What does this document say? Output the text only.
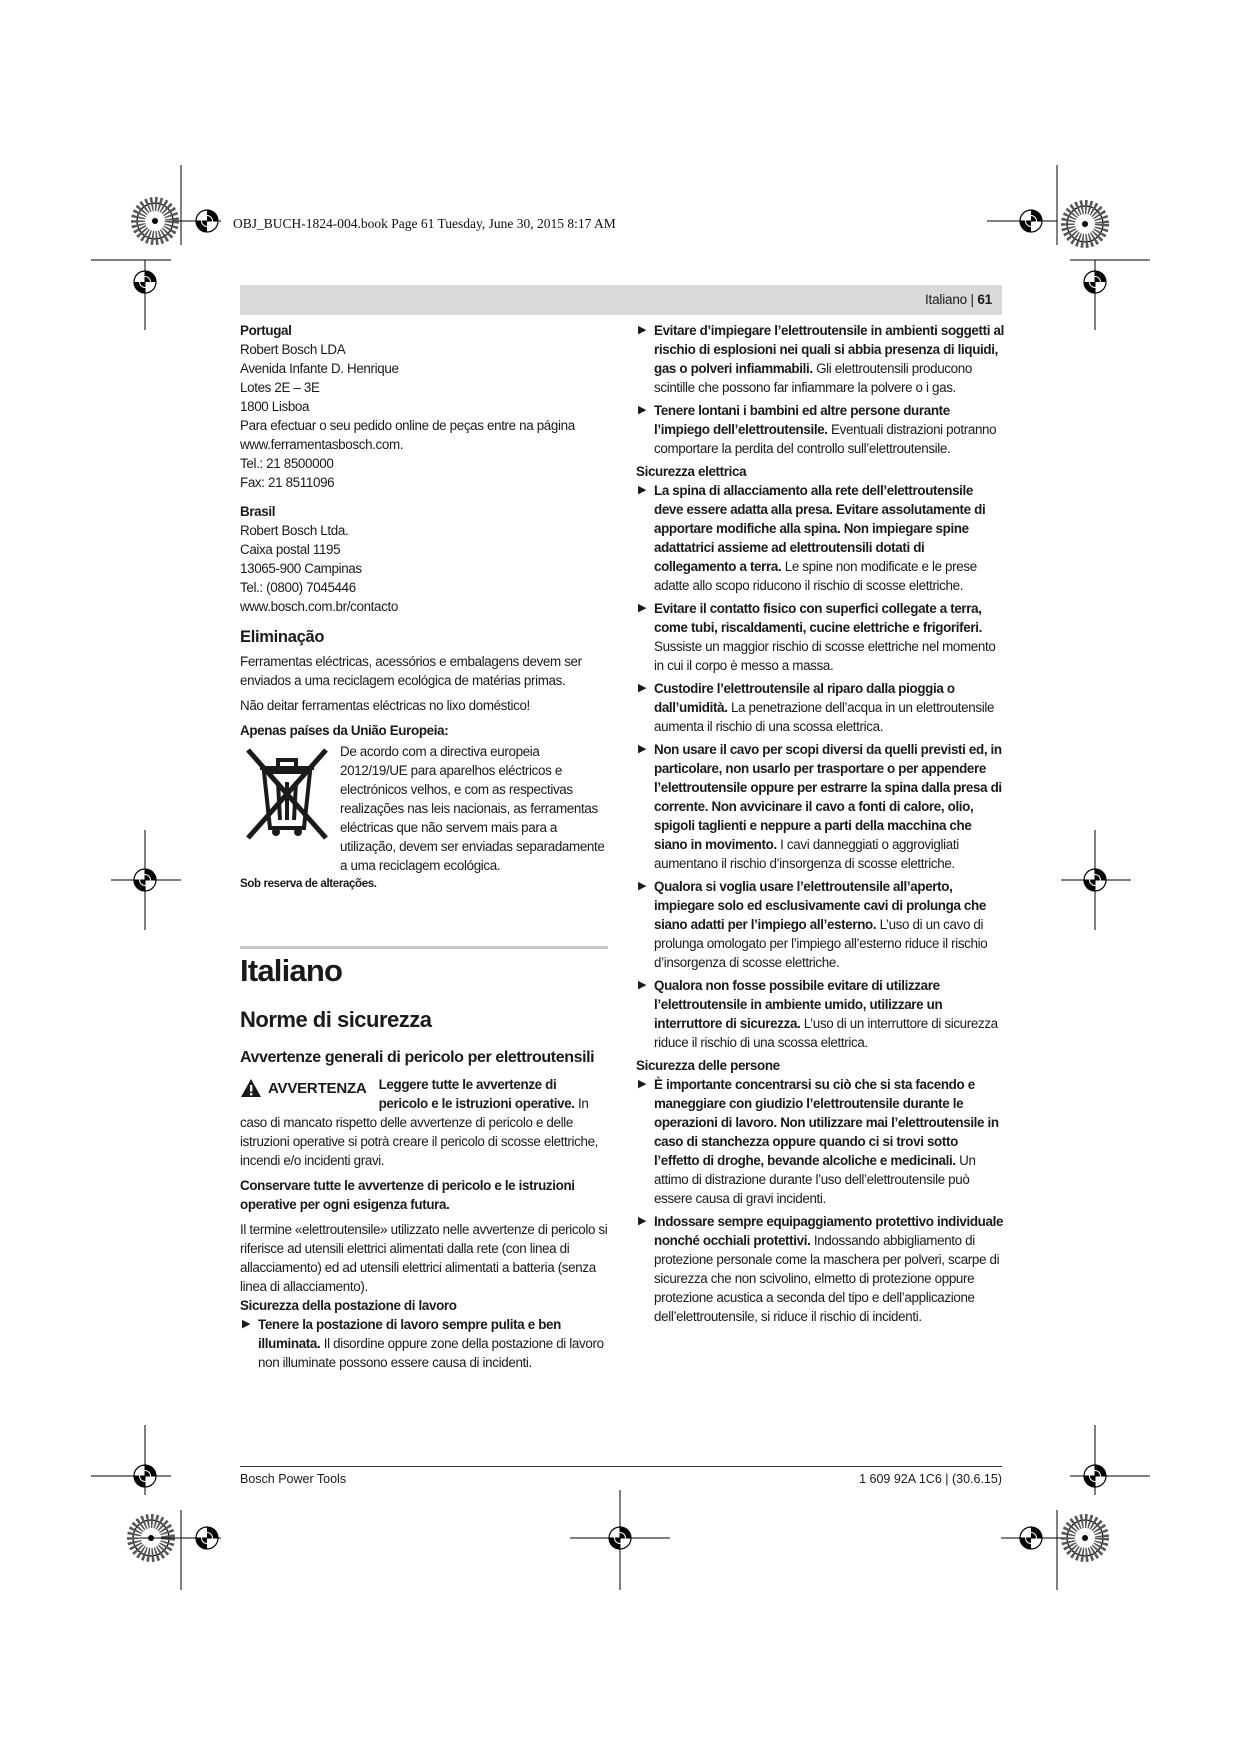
OBJ_BUCH-1824-004.book Page 61 Tuesday, June 30, 2015 8:17 AM
Italiano | 61

Portugal

Robert Bosch LDA

Avenida Infante D. Henrique

Lotes 2E – 3E

1800 Lisboa

Para efectuar o seu pedido online de peças entre na página

www.ferramentasbosch.com.

Tel.: 21 8500000

Fax: 21 8511096

Brasil

Robert Bosch Ltda.

Caixa postal 1195

13065-900 Campinas

Tel.: (0800) 7045446

www.bosch.com.br/contacto

Eliminação

Ferramentas eléctricas, acessórios e embalagens devem ser enviados a uma reciclagem ecológica de matérias primas.

Não deitar ferramentas eléctricas no lixo doméstico!

Apenas países da União Europeia:

De acordo com a directiva europeia 2012/19/UE para aparelhos eléctricos e electrónicos velhos, e com as respectivas realizações nas leis nacionais, as ferramentas eléctricas que não servem mais para a utilização, devem ser enviadas separadamente a uma reciclagem ecológica.

Sob reserva de alterações.

Italiano
Norme di sicurezza
Avvertenze generali di pericolo per elettroutensili
AVVERTENZA Leggere tutte le avvertenze di pericolo e le istruzioni operative. In caso di mancato rispetto delle avvertenze di pericolo e delle istruzioni operative si potrà creare il pericolo di scosse elettriche, incendi e/o incidenti gravi.

Conservare tutte le avvertenze di pericolo e le istruzioni operative per ogni esigenza futura.

Il termine «elettroutensile» utilizzato nelle avvertenze di pericolo si riferisce ad utensili elettrici alimentati dalla rete (con linea di allacciamento) ed ad utensili elettrici alimentati a batteria (senza linea di allacciamento).

Sicurezza della postazione di lavoro

▶ Tenere la postazione di lavoro sempre pulita e ben illuminata. Il disordine oppure zone della postazione di lavoro non illuminate possono essere causa di incidenti.
▶ Evitare d’impiegare l’elettroutensile in ambienti soggetti al rischio di esplosioni nei quali si abbia presenza di liquidi, gas o polveri infiammabili. Gli elettroutensili producono scintille che possono far infiammare la polvere o i gas.
▶ Tenere lontani i bambini ed altre persone durante l’impiego dell’elettroutensile. Eventuali distrazioni potranno comportare la perdita del controllo sull’elettroutensile.

Sicurezza elettrica

▶ La spina di allacciamento alla rete dell’elettroutensile deve essere adatta alla presa. Evitare assolutamente di apportare modifiche alla spina. Non impiegare spine adattatrici assieme ad elettroutensili dotati di collegamento a terra. Le spine non modificate e le prese adatte allo scopo riducono il rischio di scosse elettriche.
▶ Evitare il contatto fisico con superfici collegate a terra, come tubi, riscaldamenti, cucine elettriche e frigoriferi. Sussiste un maggior rischio di scosse elettriche nel momento in cui il corpo è messo a massa.
▶ Custodire l’elettroutensile al riparo dalla pioggia o dall’umidità. La penetrazione dell’acqua in un elettroutensile aumenta il rischio di una scossa elettrica.
▶ Non usare il cavo per scopi diversi da quelli previsti ed, in particolare, non usarlo per trasportare o per appendere l’elettroutensile oppure per estrarre la spina dalla presa di corrente. Non avvicinare il cavo a fonti di calore, olio, spigoli taglienti e neppure a parti della macchina che siano in movimento. I cavi danneggiati o aggrovigliati aumentano il rischio d’insorgenza di scosse elettriche.
▶ Qualora si voglia usare l’elettroutensile all’aperto, impiegare solo ed esclusivamente cavi di prolunga che siano adatti per l’impiego all’esterno. L’uso di un cavo di prolunga omologato per l’impiego all’esterno riduce il rischio d’insorgenza di scosse elettriche.
▶ Qualora non fosse possibile evitare di utilizzare l’elettroutensile in ambiente umido, utilizzare un interruttore di sicurezza. L’uso di un interruttore di sicurezza riduce il rischio di una scossa elettrica.

Sicurezza delle persone

▶ È importante concentrarsi su ciò che si sta facendo e maneggiare con giudizio l’elettroutensile durante le operazioni di lavoro. Non utilizzare mai l’elettroutensile in caso di stanchezza oppure quando ci si trovi sotto l’effetto di droghe, bevande alcoliche e medicinali. Un attimo di distrazione durante l’uso dell’elettroutensile può essere causa di gravi incidenti.
▶ Indossare sempre equipaggiamento protettivo individuale nonché occhiali protettivi. Indossando abbigliamento di protezione personale come la maschera per polveri, scarpe di sicurezza che non scivolino, elmetto di protezione oppure protezione acustica a seconda del tipo e dell’applicazione dell’elettroutensile, si riduce il rischio di incidenti.
Bosch Power Tools	1 609 92A 1C6 | (30.6.15)
